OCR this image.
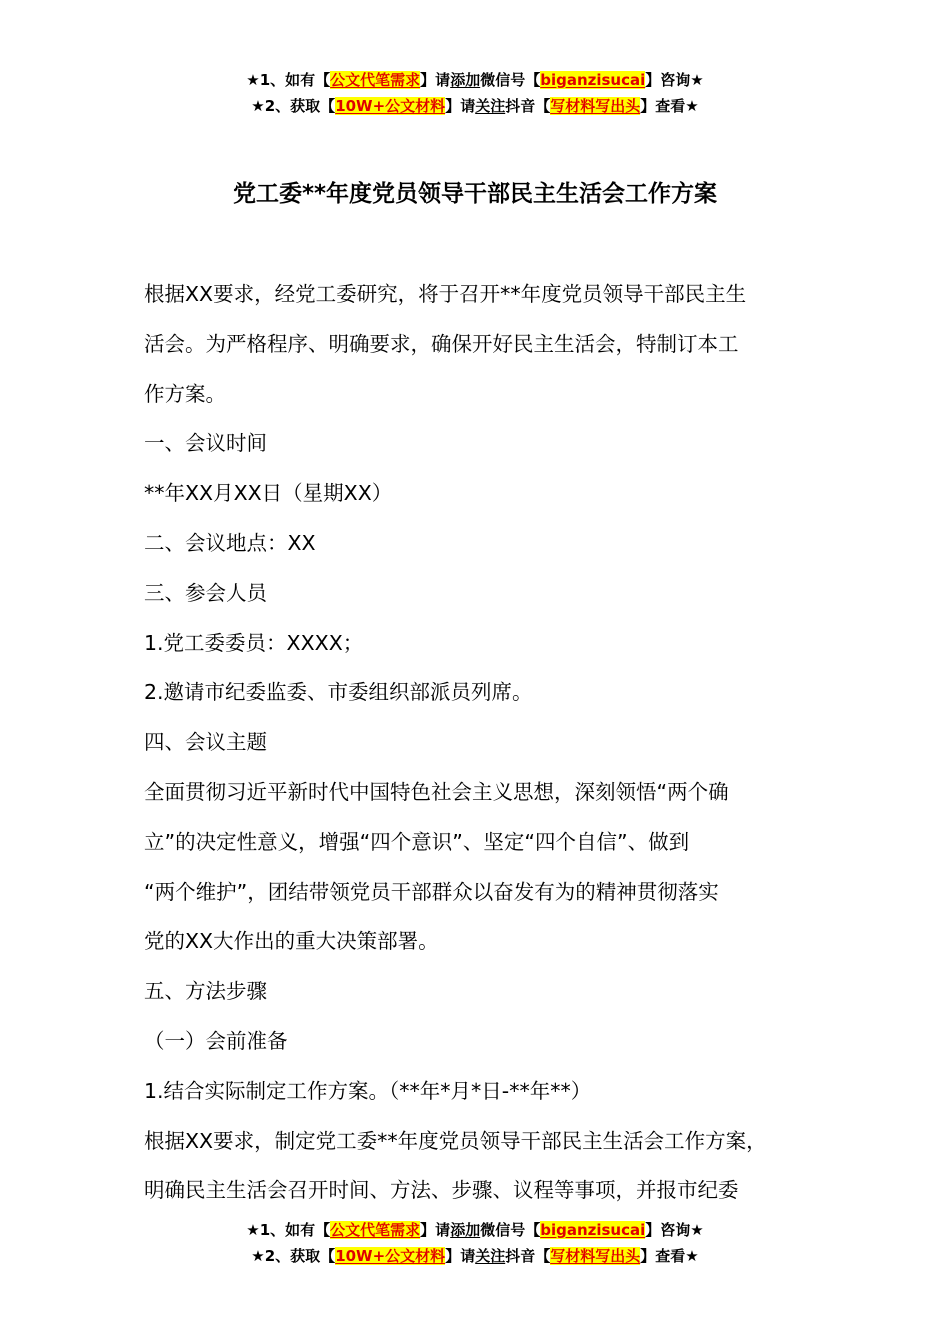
★1、如有【公文代笔需求】请添加微信号【biganzisucai】咨询★
★2、获取【10W+公文材料】请关注抖音【写材料写出头】查看★
党工委**年度党员领导干部民主生活会工作方案

根据XX要求，经党工委研究，将于召开**年度党员领导干部民主生

活会。为严格程序、明确要求，确保开好民主生活会，特制订本工

作方案。

一、会议时间

**年XX月XX日（星期XX）

二、会议地点：XX

三、参会人员

1.党工委委员：XXXX；

2.邀请市纪委监委、市委组织部派员列席。

四、会议主题

全面贯彻习近平新时代中国特色社会主义思想，深刻领悟“两个确

立”的决定性意义，增强“四个意识”、坚定“四个自信”、做到

“两个维护”，团结带领党员干部群众以奋发有为的精神贯彻落实

党的XX大作出的重大决策部署。

五、方法步骤

（一）会前准备

1.结合实际制定工作方案。（**年*月*日-**年**）

根据XX要求，制定党工委**年度党员领导干部民主生活会工作方案，

明确民主生活会召开时间、方法、步骤、议程等事项，并报市纪委

★1、如有【公文代笔需求】请添加微信号【biganzisucai】咨询★
★2、获取【10W+公文材料】请关注抖音【写材料写出头】查看★
